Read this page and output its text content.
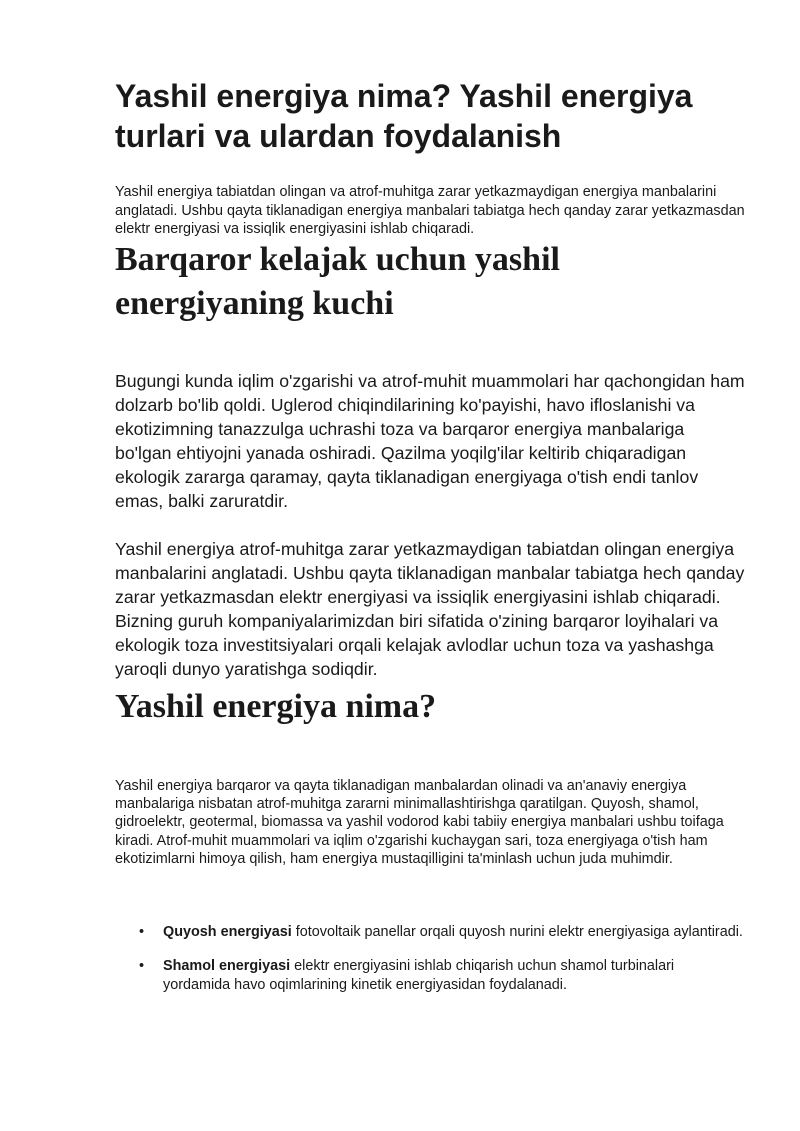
Yashil energiya nima? Yashil energiya turlari va ulardan foydalanish

Yashil energiya tabiatdan olingan va atrof-muhitga zarar yetkazmaydigan energiya manbalarini anglatadi. Ushbu qayta tiklanadigan energiya manbalari tabiatga hech qanday zarar yetkazmasdan elektr energiyasi va issiqlik energiyasini ishlab chiqaradi.

Barqaror kelajak uchun yashil energiyaning kuchi

Bugungi kunda iqlim o'zgarishi va atrof-muhit muammolari har qachongidan ham dolzarb bo'lib qoldi. Uglerod chiqindilarining ko'payishi, havo ifloslanishi va ekotizimning tanazzulga uchrashi toza va barqaror energiya manbalariga bo'lgan ehtiyojni yanada oshiradi. Qazilma yoqilg'ilar keltirib chiqaradigan ekologik zararga qaramay, qayta tiklanadigan energiyaga o'tish endi tanlov emas, balki zaruratdir.

Yashil energiya atrof-muhitga zarar yetkazmaydigan tabiatdan olingan energiya manbalarini anglatadi. Ushbu qayta tiklanadigan manbalar tabiatga hech qanday zarar yetkazmasdan elektr energiyasi va issiqlik energiyasini ishlab chiqaradi. Bizning guruh kompaniyalarimizdan biri sifatida o'zining barqaror loyihalari va ekologik toza investitsiyalari orqali kelajak avlodlar uchun toza va yashashga yaroqli dunyo yaratishga sodiqdir.

Yashil energiya nima?

Yashil energiya barqaror va qayta tiklanadigan manbalardan olinadi va an'anaviy energiya manbalariga nisbatan atrof-muhitga zararni minimallashtirishga qaratilgan. Quyosh, shamol, gidroelektr, geotermal, biomassa va yashil vodorod kabi tabiiy energiya manbalari ushbu toifaga kiradi. Atrof-muhit muammolari va iqlim o'zgarishi kuchaygan sari, toza energiyaga o'tish ham ekotizimlarni himoya qilish, ham energiya mustaqilligini ta'minlash uchun juda muhimdir.

• Quyosh energiyasi fotovoltaik panellar orqali quyosh nurini elektr energiyasiga aylantiradi.
• Shamol energiyasi elektr energiyasini ishlab chiqarish uchun shamol turbinalari yordamida havo oqimlarining kinetik energiyasidan foydalanadi.
